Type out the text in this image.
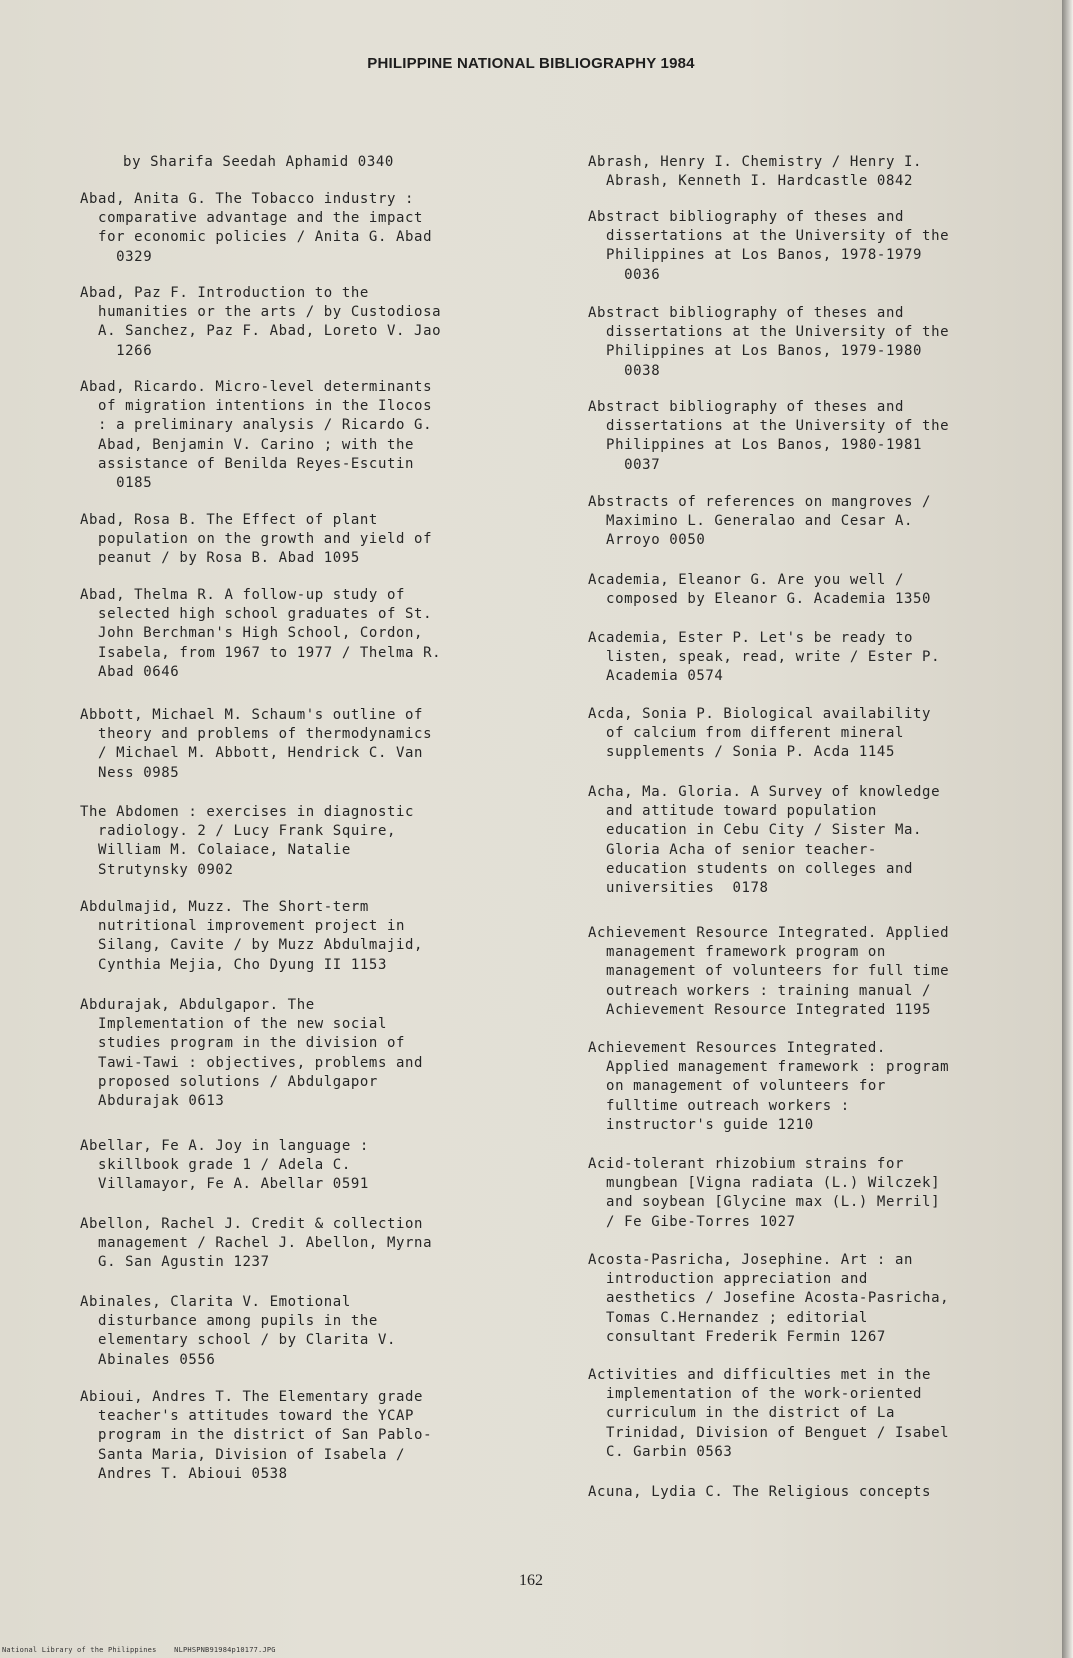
PHILIPPINE NATIONAL BIBLIOGRAPHY 1984
by Sharifa Seedah Aphamid 0340
Abad, Anita G. The Tobacco industry :
comparative advantage and the impact
for economic policies / Anita G. Abad
0329
Abad, Paz F. Introduction to the
humanities or the arts / by Custodiosa
A. Sanchez, Paz F. Abad, Loreto V. Jao
1266
Abad, Ricardo. Micro-level determinants
of migration intentions in the Ilocos
: a preliminary analysis / Ricardo G.
Abad, Benjamin V. Carino ; with the
assistance of Benilda Reyes-Escutin
0185
Abad, Rosa B. The Effect of plant
population on the growth and yield of
peanut / by Rosa B. Abad 1095
Abad, Thelma R. A follow-up study of
selected high school graduates of St.
John Berchman's High School, Cordon,
Isabela, from 1967 to 1977 / Thelma R.
Abad 0646
Abbott, Michael M. Schaum's outline of
theory and problems of thermodynamics
/ Michael M. Abbott, Hendrick C. Van
Ness 0985
The Abdomen : exercises in diagnostic
radiology. 2 / Lucy Frank Squire,
William M. Colaiace, Natalie
Strutynsky 0902
Abdulmajid, Muzz. The Short-term
nutritional improvement project in
Silang, Cavite / by Muzz Abdulmajid,
Cynthia Mejia, Cho Dyung II 1153
Abdurajak, Abdulgapor. The
Implementation of the new social
studies program in the division of
Tawi-Tawi : objectives, problems and
proposed solutions / Abdulgapor
Abdurajak 0613
Abellar, Fe A. Joy in language :
skillbook grade 1 / Adela C.
Villamayor, Fe A. Abellar 0591
Abellon, Rachel J. Credit & collection
management / Rachel J. Abellon, Myrna
G. San Agustin 1237
Abinales, Clarita V. Emotional
disturbance among pupils in the
elementary school / by Clarita V.
Abinales 0556
Abioui, Andres T. The Elementary grade
teacher's attitudes toward the YCAP
program in the district of San Pablo-
Santa Maria, Division of Isabela /
Andres T. Abioui 0538
Abrash, Henry I. Chemistry / Henry I.
Abrash, Kenneth I. Hardcastle 0842
Abstract bibliography of theses and
dissertations at the University of the
Philippines at Los Banos, 1978-1979
0036
Abstract bibliography of theses and
dissertations at the University of the
Philippines at Los Banos, 1979-1980
0038
Abstract bibliography of theses and
dissertations at the University of the
Philippines at Los Banos, 1980-1981
0037
Abstracts of references on mangroves /
Maximino L. Generalao and Cesar A.
Arroyo 0050
Academia, Eleanor G. Are you well /
composed by Eleanor G. Academia 1350
Academia, Ester P. Let's be ready to
listen, speak, read, write / Ester P.
Academia 0574
Acda, Sonia P. Biological availability
of calcium from different mineral
supplements / Sonia P. Acda 1145
Acha, Ma. Gloria. A Survey of knowledge
and attitude toward population
education in Cebu City / Sister Ma.
Gloria Acha of senior teacher-
education students on colleges and
universities  0178
Achievement Resource Integrated. Applied
management framework program on
management of volunteers for full time
outreach workers : training manual /
Achievement Resource Integrated 1195
Achievement Resources Integrated.
Applied management framework : program
on management of volunteers for
fulltime outreach workers :
instructor's guide 1210
Acid-tolerant rhizobium strains for
mungbean [Vigna radiata (L.) Wilczek]
and soybean [Glycine max (L.) Merril]
/ Fe Gibe-Torres 1027
Acosta-Pasricha, Josephine. Art : an
introduction appreciation and
aesthetics / Josefine Acosta-Pasricha,
Tomas C.Hernandez ; editorial
consultant Frederik Fermin 1267
Activities and difficulties met in the
implementation of the work-oriented
curriculum in the district of La
Trinidad, Division of Benguet / Isabel
C. Garbin 0563
Acuna, Lydia C. The Religious concepts
162
National Library of the Philippines    NLPHSPNB91984p10177.JPG
